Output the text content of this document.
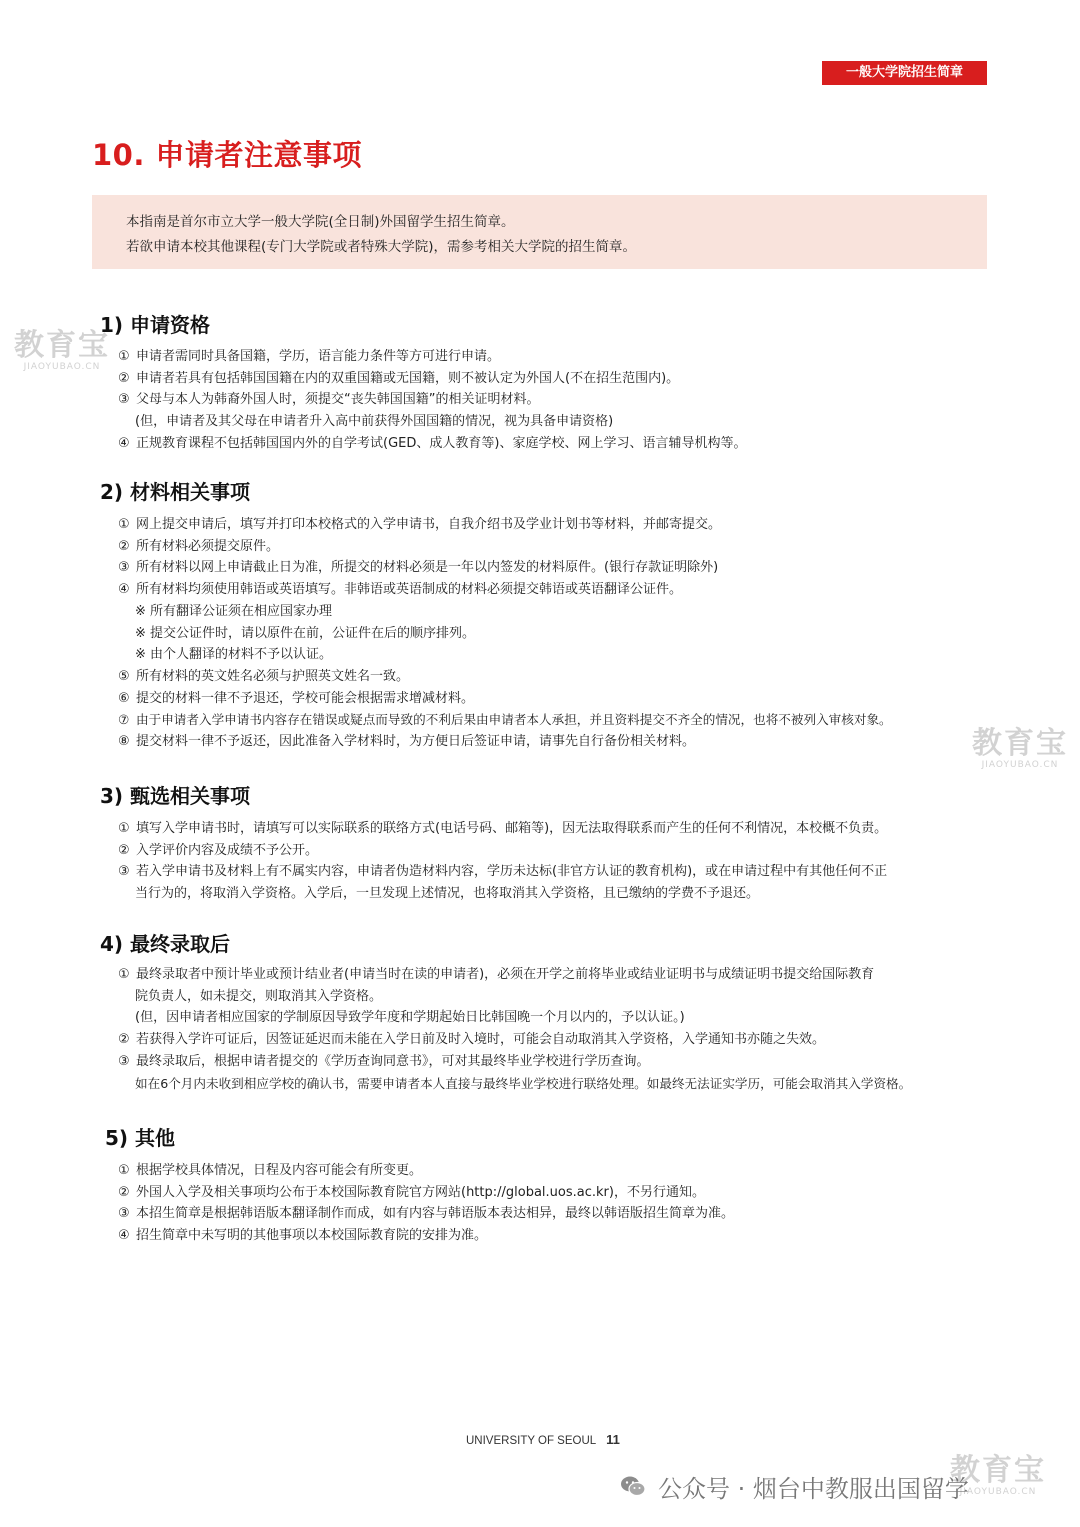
一般大学院招生简章
10. 申请者注意事项
本指南是首尔市立大学一般大学院(全日制)外国留学生招生简章。
若欲申请本校其他课程(专门大学院或者特殊大学院)，需参考相关大学院的招生简章。
1) 申请资格
2) 材料相关事项
3) 甄选相关事项
4) 最终录取后
5) 其他
① 申请者需同时具备国籍，学历，语言能力条件等方可进行申请。
② 申请者若具有包括韩国国籍在内的双重国籍或无国籍，则不被认定为外国人(不在招生范围内)。
③ 父母与本人为韩裔外国人时，须提交“丧失韩国国籍”的相关证明材料。
(但，申请者及其父母在申请者升入高中前获得外国国籍的情况，视为具备申请资格)
④ 正规教育课程不包括韩国国内外的自学考试(GED、成人教育等)、家庭学校、网上学习、语言辅导机构等。
① 网上提交申请后，填写并打印本校格式的入学申请书，自我介绍书及学业计划书等材料，并邮寄提交。
② 所有材料必须提交原件。
③ 所有材料以网上申请截止日为准，所提交的材料必须是一年以内签发的材料原件。(银行存款证明除外)
④ 所有材料均须使用韩语或英语填写。非韩语或英语制成的材料必须提交韩语或英语翻译公证件。
※ 所有翻译公证须在相应国家办理
※ 提交公证件时，请以原件在前，公证件在后的顺序排列。
※ 由个人翻译的材料不予以认证。
⑤ 所有材料的英文姓名必须与护照英文姓名一致。
⑥ 提交的材料一律不予退还，学校可能会根据需求增减材料。
⑦ 由于申请者入学申请书内容存在错误或疑点而导致的不利后果由申请者本人承担，并且资料提交不齐全的情况，也将不被列入审核对象。
⑧ 提交材料一律不予返还，因此准备入学材料时，为方便日后签证申请，请事先自行备份相关材料。
① 填写入学申请书时，请填写可以实际联系的联络方式(电话号码、邮箱等)，因无法取得联系而产生的任何不利情况，本校概不负责。
② 入学评价内容及成绩不予公开。
③ 若入学申请书及材料上有不属实内容，申请者伪造材料内容，学历未达标(非官方认证的教育机构)，或在申请过程中有其他任何不正
当行为的，将取消入学资格。入学后，一旦发现上述情况，也将取消其入学资格，且已缴纳的学费不予退还。
① 最终录取者中预计毕业或预计结业者(申请当时在读的申请者)，必须在开学之前将毕业或结业证明书与成绩证明书提交给国际教育
院负责人，如未提交，则取消其入学资格。
(但，因申请者相应国家的学制原因导致学年度和学期起始日比韩国晚一个月以内的，予以认证。)
② 若获得入学许可证后，因签证延迟而未能在入学日前及时入境时，可能会自动取消其入学资格，入学通知书亦随之失效。
③ 最终录取后，根据申请者提交的《学历查询同意书》，可对其最终毕业学校进行学历查询。
如在6个月内未收到相应学校的确认书，需要申请者本人直接与最终毕业学校进行联络处理。如最终无法证实学历，可能会取消其入学资格。
① 根据学校具体情况，日程及内容可能会有所变更。
② 外国人入学及相关事项均公布于本校国际教育院官方网站(http://global.uos.ac.kr)，不另行通知。
③ 本招生简章是根据韩语版本翻译制作而成，如有内容与韩语版本表达相异，最终以韩语版招生简章为准。
④ 招生简章中未写明的其他事项以本校国际教育院的安排为准。
教育宝
JIAOYUBAO.CN
教育宝
JIAOYUBAO.CN
教育宝
JIAOYUBAO.CN
UNIVERSITY OF SEOUL 11
公众号 · 烟台中教服出国留学
